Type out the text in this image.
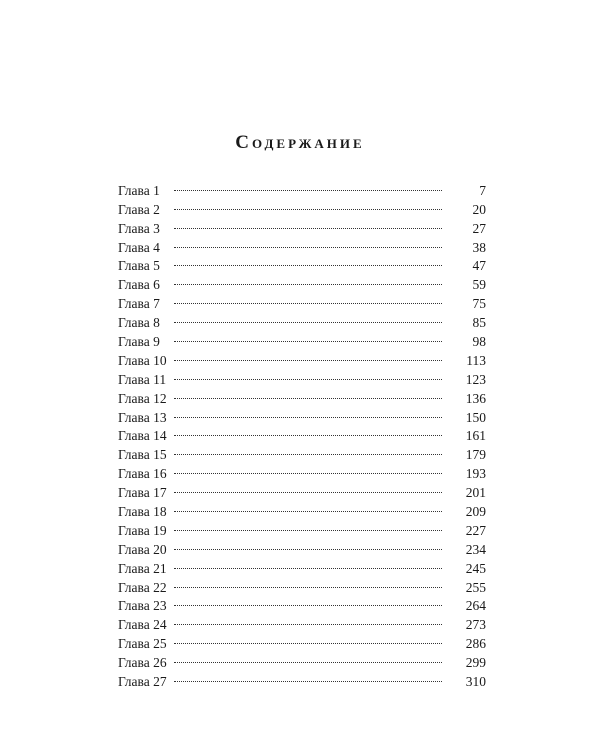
Содержание
Глава 1	7
Глава 2	20
Глава 3	27
Глава 4	38
Глава 5	47
Глава 6	59
Глава 7	75
Глава 8	85
Глава 9	98
Глава 10	113
Глава 11	123
Глава 12	136
Глава 13	150
Глава 14	161
Глава 15	179
Глава 16	193
Глава 17	201
Глава 18	209
Глава 19	227
Глава 20	234
Глава 21	245
Глава 22	255
Глава 23	264
Глава 24	273
Глава 25	286
Глава 26	299
Глава 27	310
